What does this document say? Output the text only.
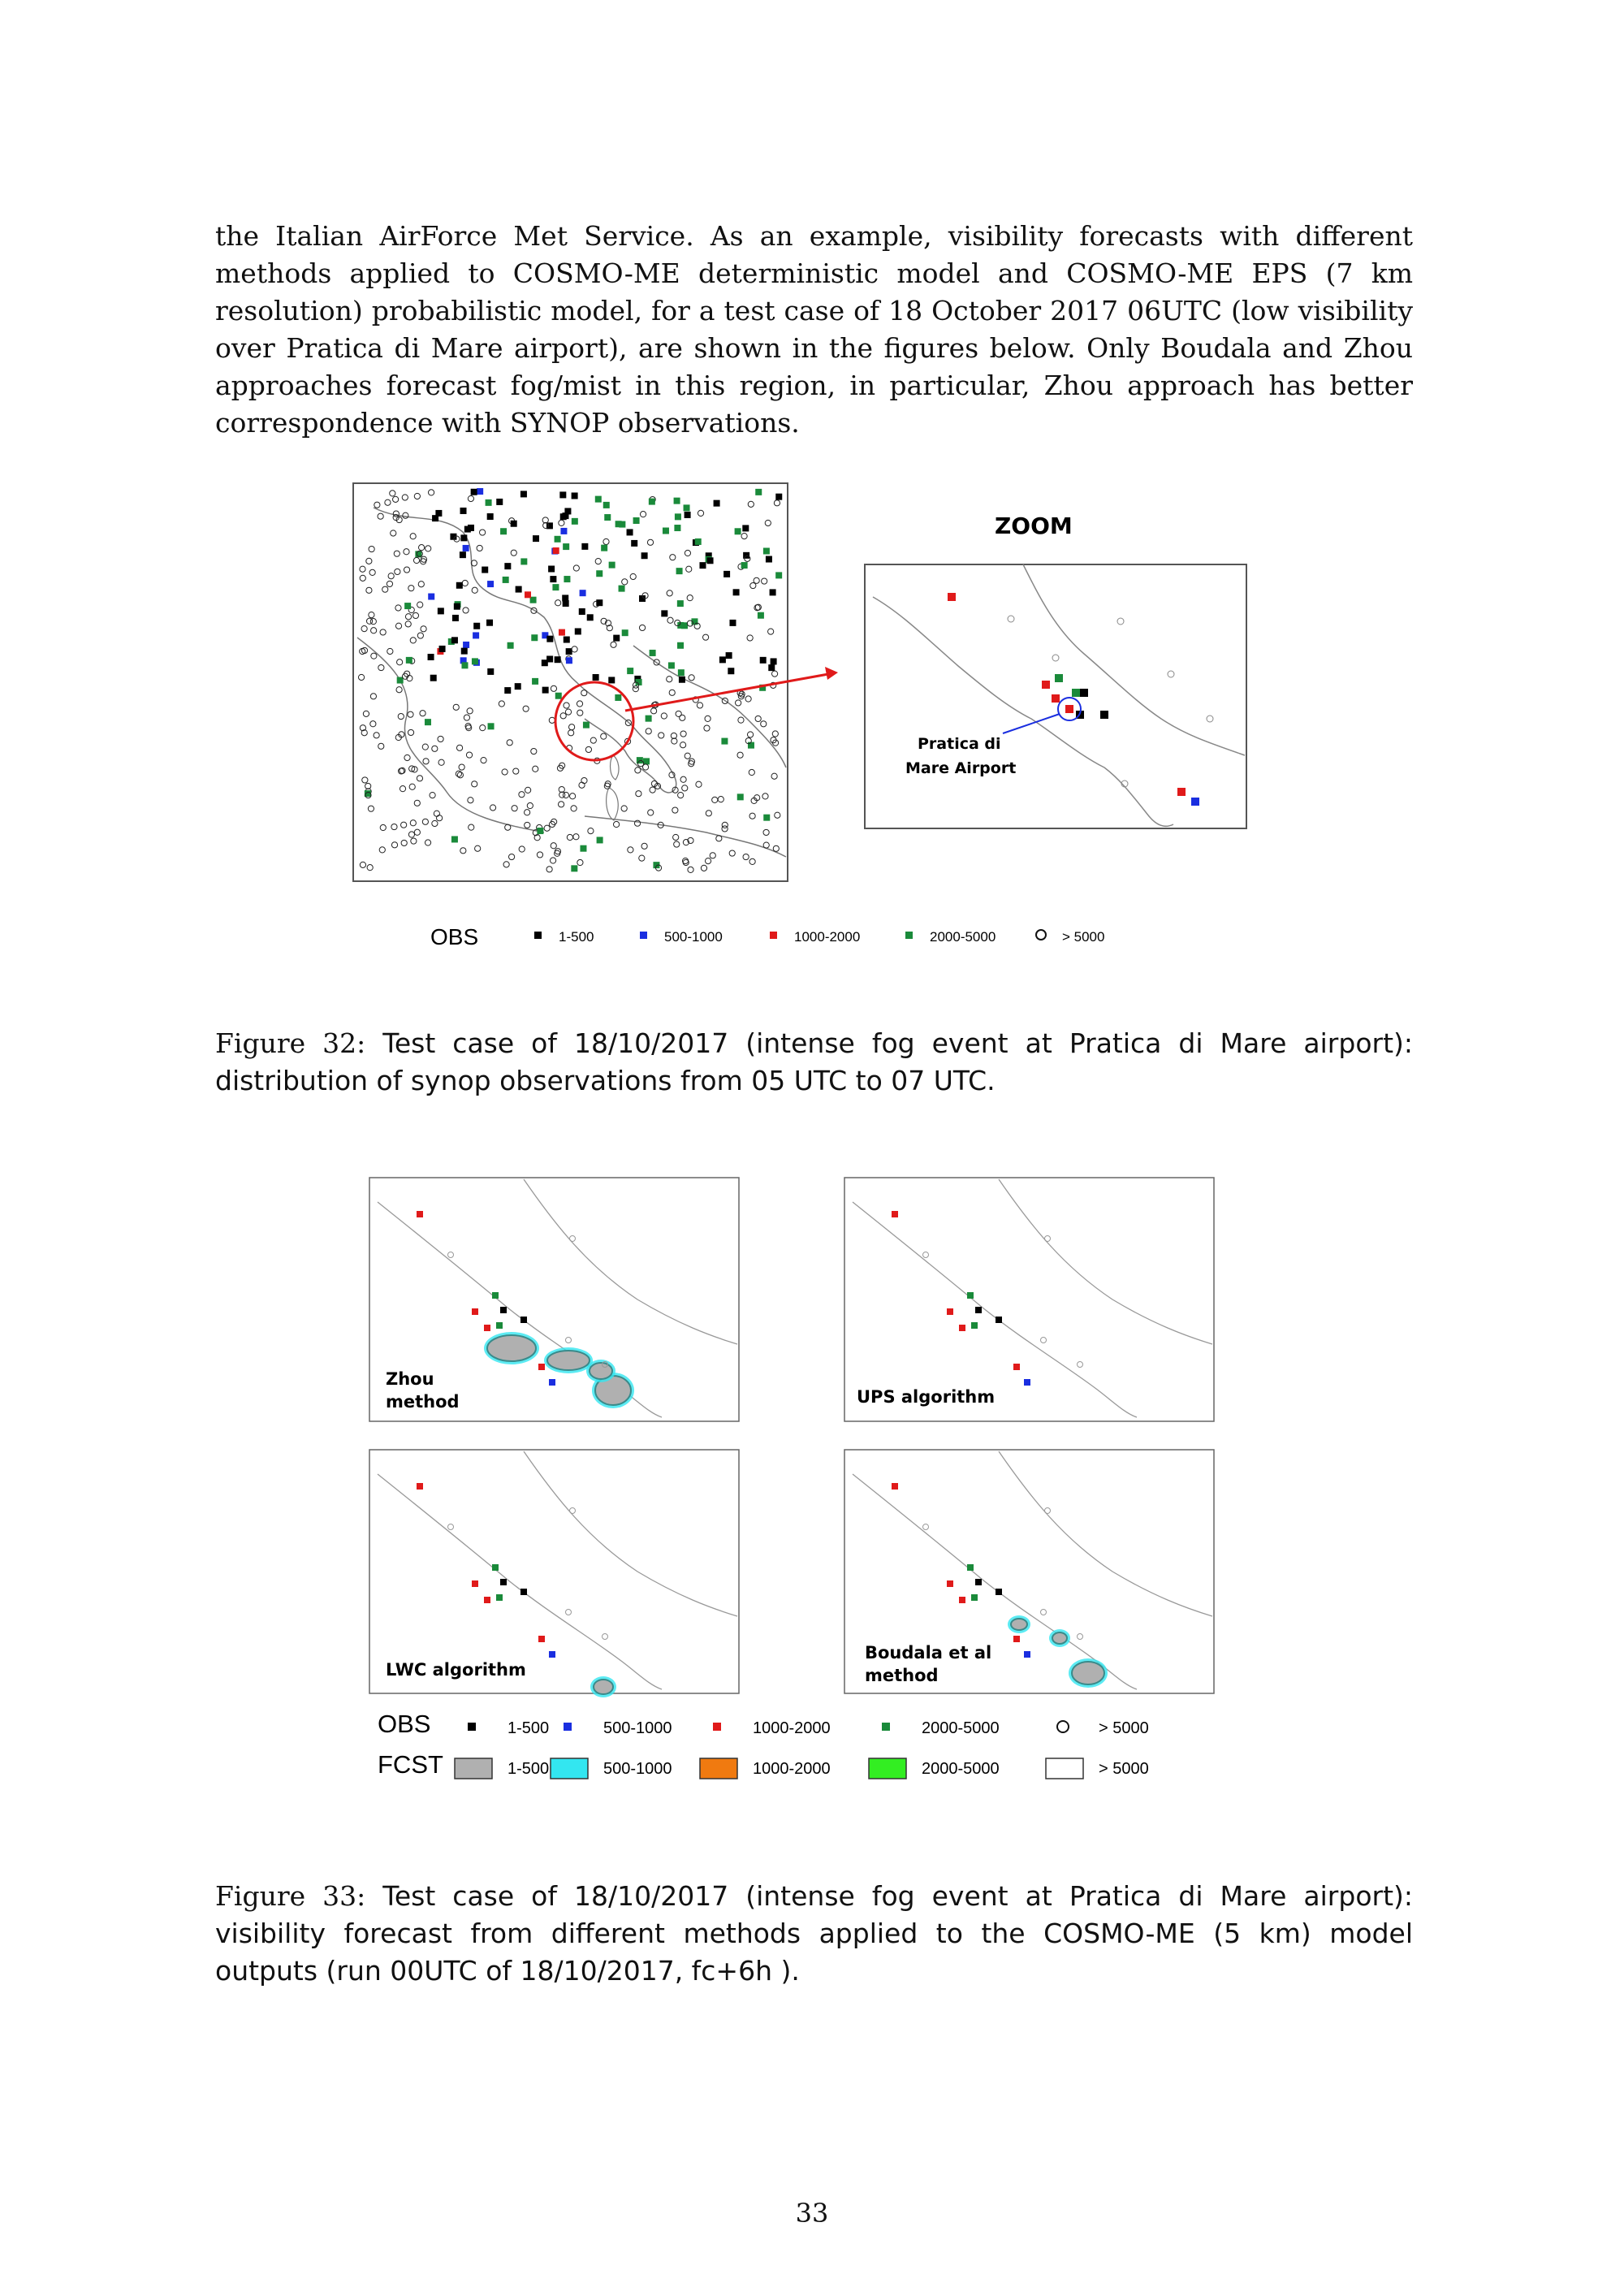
the Italian AirForce Met Service. As an example, visibility forecasts with different methods applied to COSMO-ME deterministic model and COSMO-ME EPS (7 km resolution) probabilistic model, for a test case of 18 October 2017 06UTC (low visibility over Pratica di Mare airport), are shown in the figures below. Only Boudala and Zhou approaches forecast fog/mist in this region, in particular, Zhou approach has better correspondence with SYNOP observations.
ZOOM
Pratica di
Mare Airport
OBS	1-500	500-1000	1000-2000	2000-5000	> 5000
Figure 32: Test case of 18/10/2017 (intense fog event at Pratica di Mare airport): distribution of synop observations from 05 UTC to 07 UTC.
Zhou
method	UPS algorithm
LWC algorithm
Boudala et al
method
OBS
FCST
1-500
1-500
500-1000
500-1000
1000-2000
1000-2000
2000-5000
2000-5000
> 5000
> 5000
Figure 33: Test case of 18/10/2017 (intense fog event at Pratica di Mare airport): visibility forecast from different methods applied to the COSMO-ME (5 km) model outputs (run 00UTC of 18/10/2017, fc+6h ).
33
